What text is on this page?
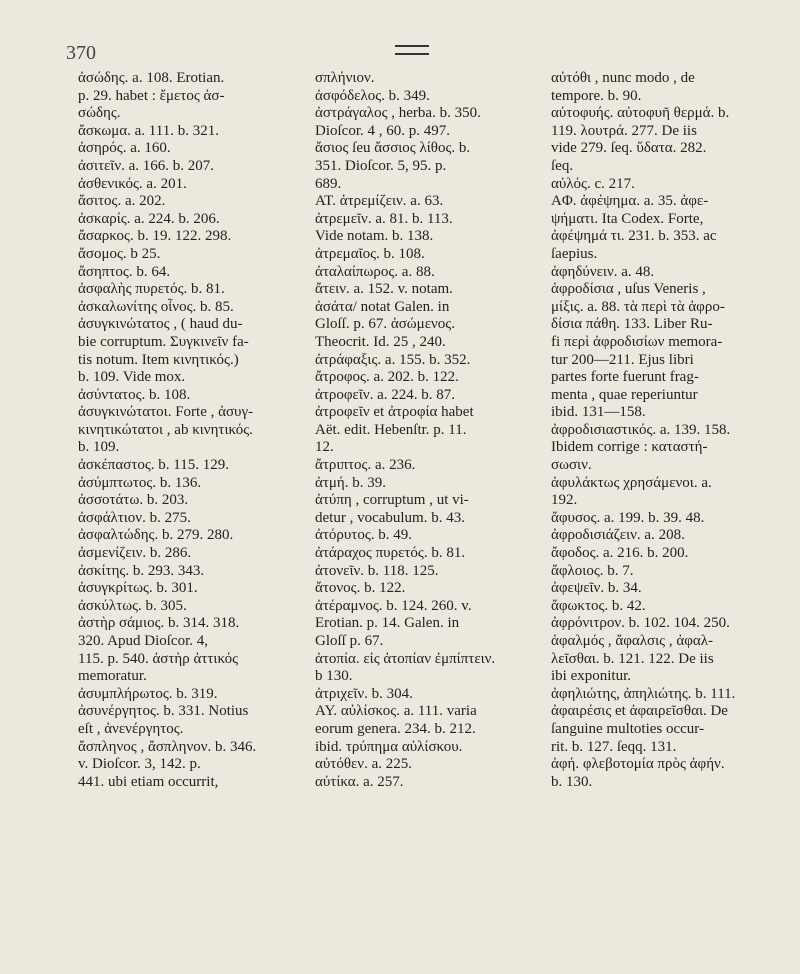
370
ἀσώδης. a. 108. Erotian.
p. 29. habet : ἔμετος ἀσ-
σώδης.
ἄσκωμα. a. 111. b. 321.
ἀσηρός. a. 160.
ἀσιτεῖν. a. 166. b. 207.
ἀσθενικός. a. 201.
ἄσιτος. a. 202.
ἀσκαρίς. a. 224. b. 206.
ἄσαρκος. b. 19. 122. 298.
ἄσομος. b 25.
ἄσηπτος. b. 64.
ἀσφαλὴς πυρετός. b. 81.
ἀσκαλωνίτης οἶνος. b. 85.
ἀσυγκινώτατος , ( haud du-
bie corruptum. Συγκινεῖν fa-
tis notum. Item κινητικός.)
b. 109. Vide mox.
ἀσύντατος. b. 108.
ἀσυγκινώτατοι. Forte , ἀσυγ-
κινητικώτατοι , ab κινητικός.
b. 109.
ἀσκέπαστος. b. 115. 129.
ἀσύμπτωτος. b. 136.
ἀσσοτάτω. b. 203.
ἀσφάλτιον. b. 275.
ἀσφαλτώδης. b. 279. 280.
ἀσμενίζειν. b. 286.
ἀσκίτης. b. 293. 343.
ἀσυγκρίτως. b. 301.
ἀσκύλτως. b. 305.
ἀστὴρ σάμιος. b. 314. 318.
320. Apud Dioſcor. 4,
115. p. 540. ἀστὴρ ἀττικός
memoratur.
ἀσυμπλήρωτος. b. 319.
ἀσυνέργητος. b. 331. Notius
eſt , ἀνενέργητος.
ἄσπληνος , ἄσπληνον. b. 346.
v. Dioſcor. 3, 142. p.
441. ubi etiam occurrit,
σπλήνιον.
ἀσφόδελος. b. 349.
ἀστράγαλος , herba. b. 350.
Dioſcor. 4 , 60. p. 497.
ἄσιος ſeu ἄσσιος λίθος. b.
351. Dioſcor. 5, 95. p.
689.
AT. ἀτρεμίζειν. a. 63.
ἀτρεμεῖν. a. 81. b. 113.
Vide notam. b. 138.
ἀτρεμαῖος. b. 108.
ἀταλαίπωρος. a. 88.
ἄτειν. a. 152. v. notam.
ἀσάτα/ notat Galen. in
Gloſſ. p. 67. ἀσώμενος.
Theocrit. Id. 25 , 240.
ἀτράφαξις. a. 155. b. 352.
ἄτροφος. a. 202. b. 122.
ἀτροφεῖν. a. 224. b. 87.
ἀτροφεῖν et ἀτροφία habet
Aët. edit. Hebenſtr. p. 11.
12.
ἄτριπτος. a. 236.
ἀτμή. b. 39.
ἀτύπη , corruptum , ut vi-
detur , vocabulum. b. 43.
ἀτόρυτος. b. 49.
ἀτάραχος πυρετός. b. 81.
ἀτονεῖν. b. 118. 125.
ἄτονος. b. 122.
ἀτέραμνος. b. 124. 260. v.
Erotian. p. 14. Galen. in
Gloſſ p. 67.
ἀτοπία. εἰς ἀτοπίαν ἐμπίπτειν.
b 130.
ἀτριχεῖν. b. 304.
AY. αὐλίσκος. a. 111. varia
eorum genera. 234. b. 212.
ibid. τρύπημα αὐλίσκου.
αὐτόθεν. a. 225.
αὐτίκα. a. 257.
αὐτόθι , nunc modo , de
tempore. b. 90.
αὐτοφυής. αὐτοφυῆ θερμά. b.
119. λουτρά. 277. De iis
vide 279. ſeq. ὕδατα. 282.
ſeq.
αὐλός. c. 217.
AΦ. ἀφέψημα. a. 35. ἀφε-
ψήματι. Ita Codex. Forte,
ἀφέψημά τι. 231. b. 353. ac
ſaepius.
ἀφηδύνειν. a. 48.
ἀφροδίσια , uſus Veneris ,
μίξις. a. 88. τὰ περὶ τὰ ἀφρο-
δίσια πάθη. 133. Liber Ru-
fi περὶ ἀφροδισίων memora-
tur 200—211. Ejus libri
partes forte fuerunt frag-
menta , quae reperiuntur
ibid. 131—158.
ἀφροδισιαστικός. a. 139. 158.
Ibidem corrige : καταστή-
σωσιν.
ἀφυλάκτως χρησάμενοι. a.
192.
ἄφυσος. a. 199. b. 39. 48.
ἀφροδισιάζειν. a. 208.
ἄφοδος. a. 216. b. 200.
ἄφλοιος. b. 7.
ἀφεψεῖν. b. 34.
ἄφωκτος. b. 42.
ἀφρόνιτρον. b. 102. 104. 250.
ἀφαλμός , ἄφαλσις , ἀφαλ-
λεῖσθαι. b. 121. 122. De iis
ibi exponitur.
ἀφηλιώτης, ἀπηλιώτης. b. 111.
ἀφαιρέσις et ἀφαιρεῖσθαι. De
ſanguine multoties occur-
rit. b. 127. ſeqq. 131.
ἀφή. φλεβοτομία πρὸς ἀφήν.
b. 130.
